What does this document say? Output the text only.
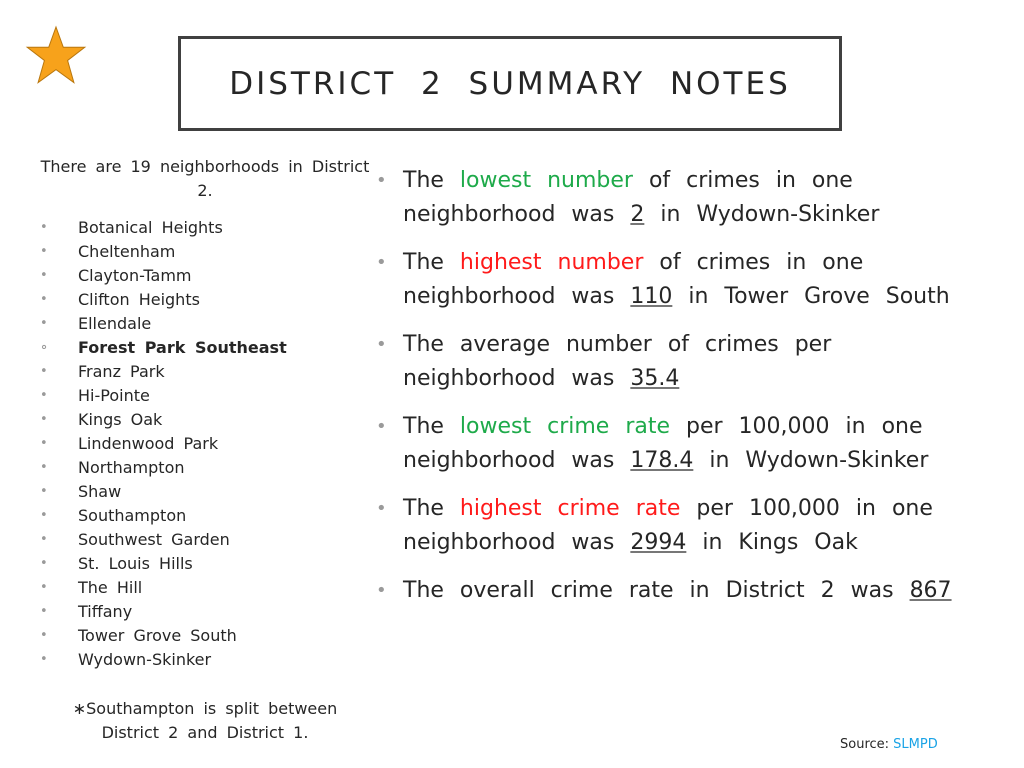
DISTRICT 2 SUMMARY NOTES

There are 19 neighborhoods in District 2.

• Botanical Heights
• Cheltenham
• Clayton-Tamm
• Clifton Heights
• Ellendale
∘ Forest Park Southeast
• Franz Park
• Hi-Pointe
• Kings Oak
• Lindenwood Park
• Northampton
• Shaw
• Southampton
• Southwest Garden
• St. Louis Hills
• The Hill
• Tiffany
• Tower Grove South
• Wydown-Skinker
∗Southampton is split between District 2 and District 1.
• The lowest number of crimes in one neighborhood was 2 in Wydown-Skinker
• The highest number of crimes in one neighborhood was 110 in Tower Grove South
• The average number of crimes per neighborhood was 35.4
• The lowest crime rate per 100,000 in one neighborhood was 178.4 in Wydown-Skinker
• The highest crime rate per 100,000 in one neighborhood was 2994 in Kings Oak
• The overall crime rate in District 2 was 867
Source: SLMPD
